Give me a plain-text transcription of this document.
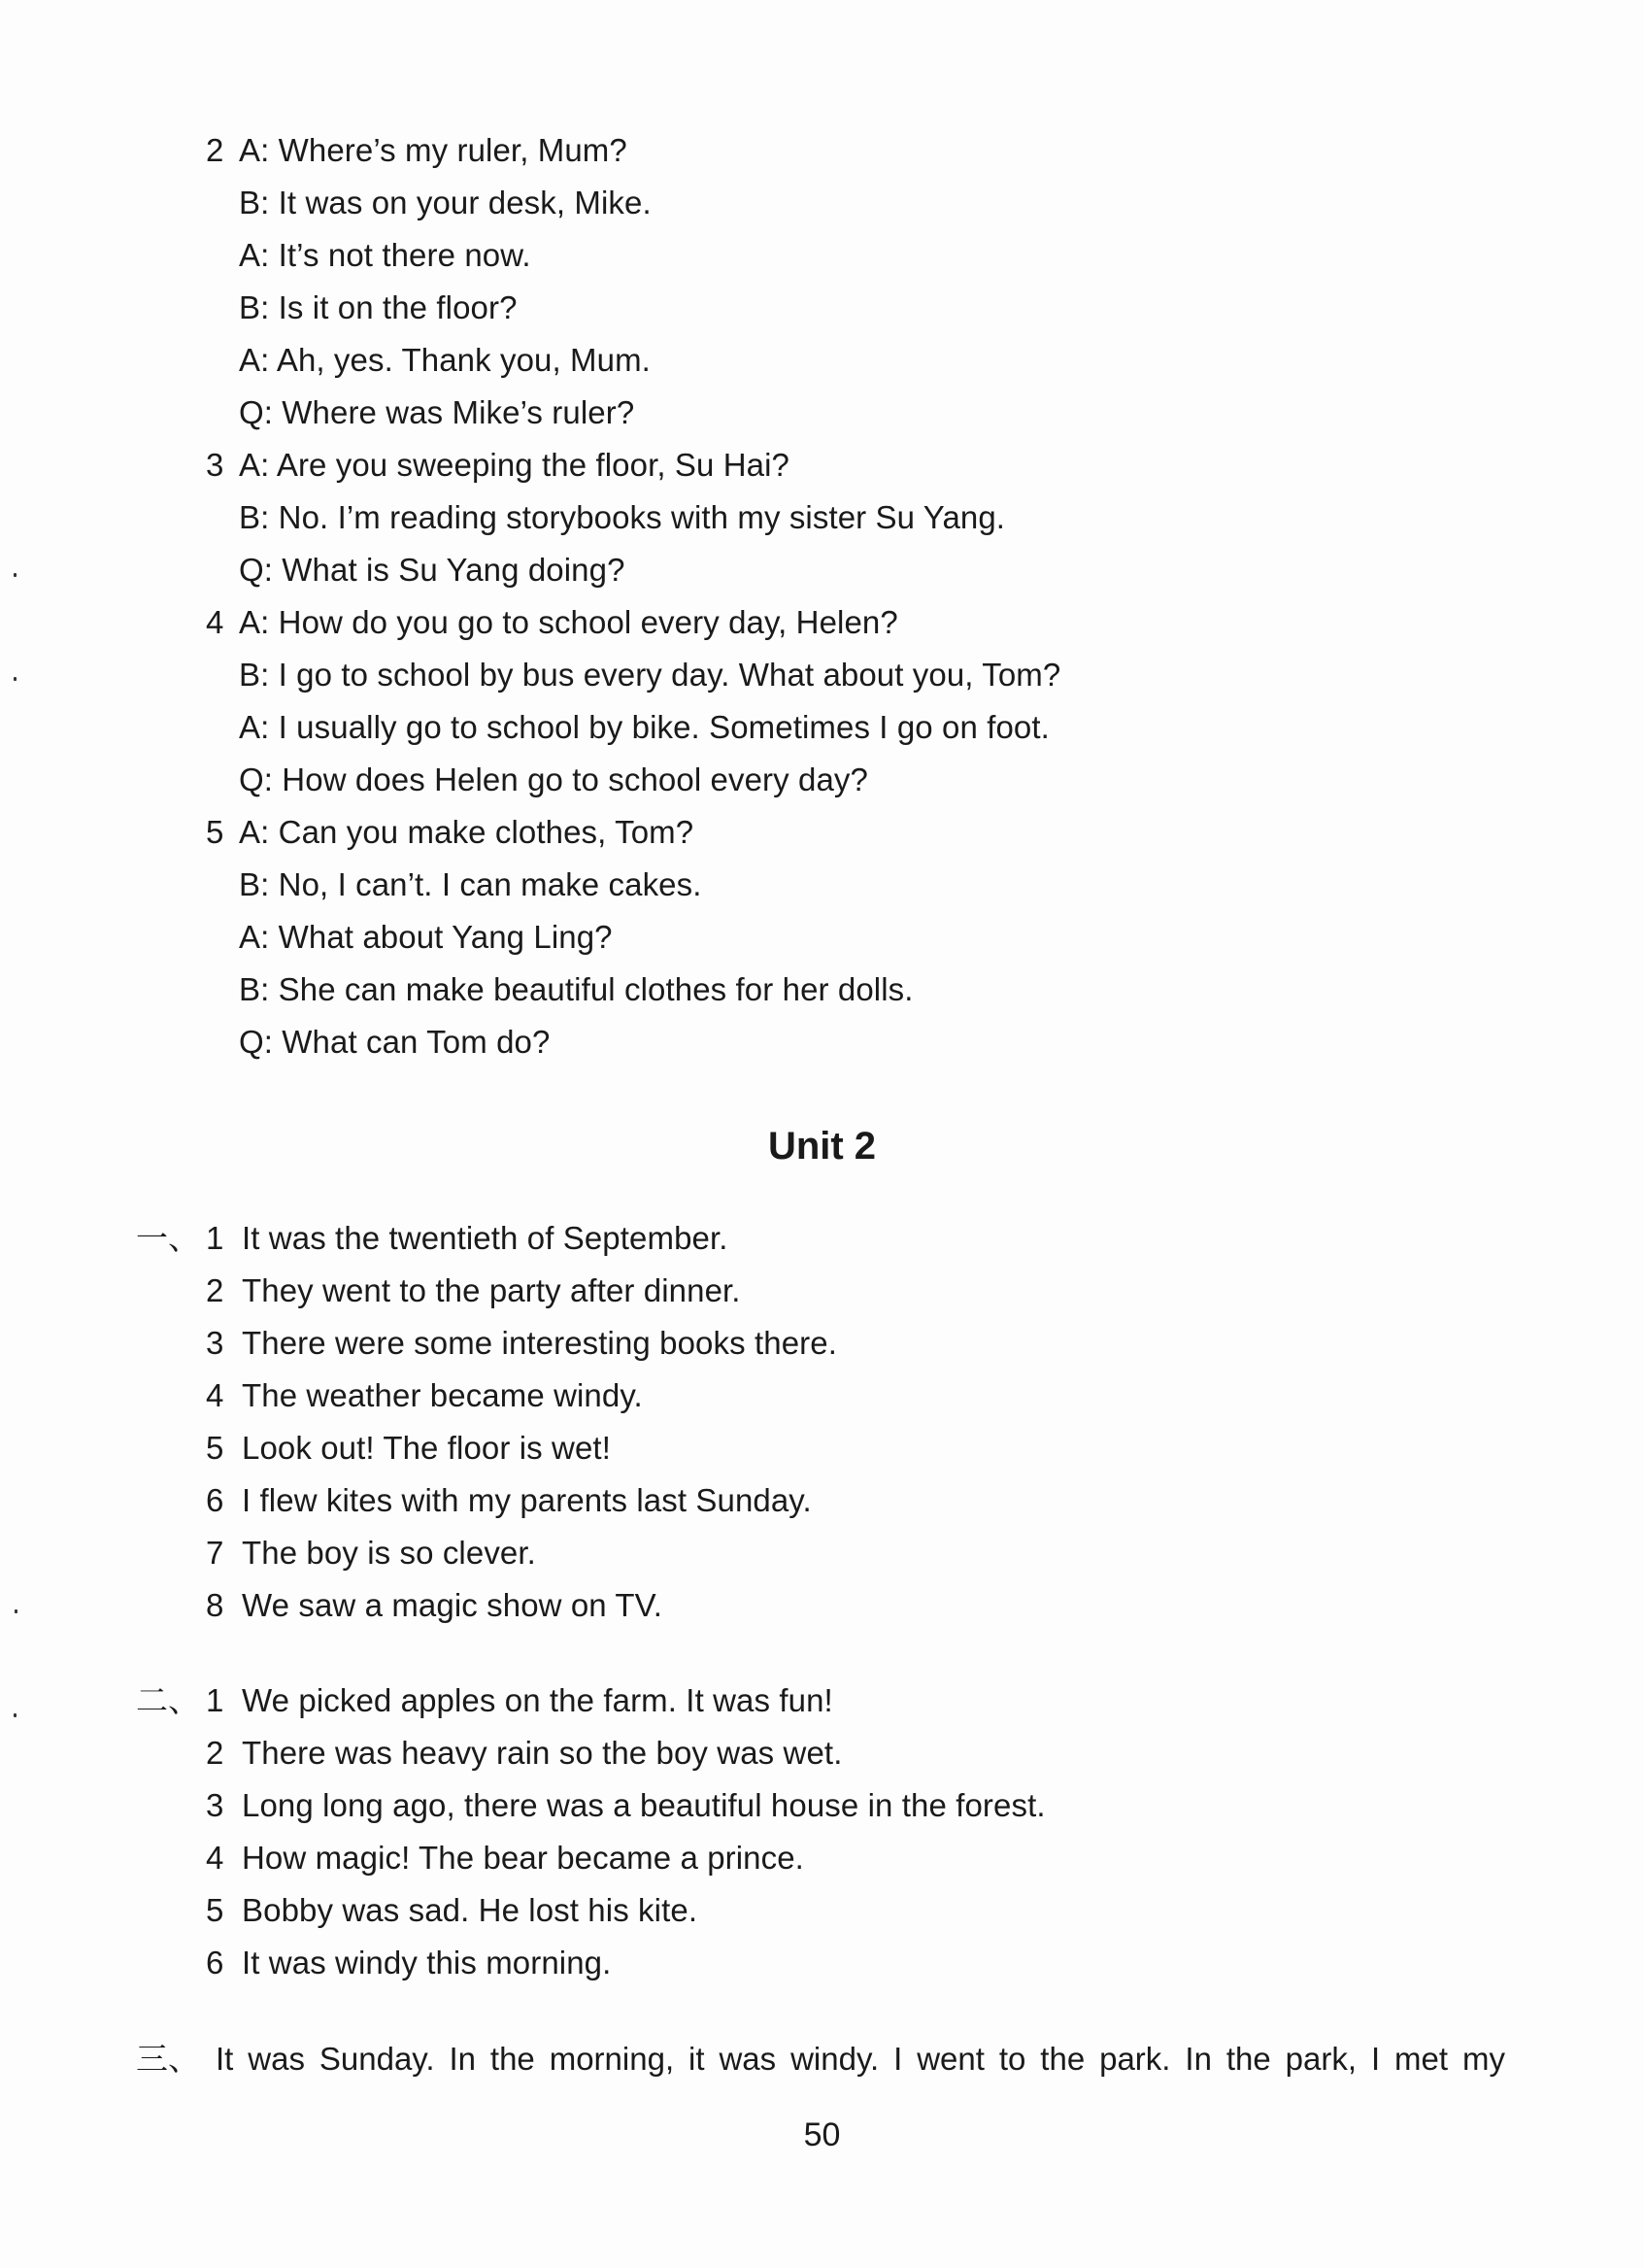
2 A: Where’s my ruler, Mum?
B: It was on your desk, Mike.
A: It’s not there now.
B: Is it on the floor?
A: Ah, yes. Thank you, Mum.
Q: Where was Mike’s ruler?
3 A: Are you sweeping the floor, Su Hai?
B: No. I’m reading storybooks with my sister Su Yang.
Q: What is Su Yang doing?
4 A: How do you go to school every day, Helen?
B: I go to school by bus every day. What about you, Tom?
A: I usually go to school by bike. Sometimes I go on foot.
Q: How does Helen go to school every day?
5 A: Can you make clothes, Tom?
B: No, I can’t. I can make cakes.
A: What about Yang Ling?
B: She can make beautiful clothes for her dolls.
Q: What can Tom do?
Unit 2
一、 1 It was the twentieth of September.
2 They went to the party after dinner.
3 There were some interesting books there.
4 The weather became windy.
5 Look out! The floor is wet!
6 I flew kites with my parents last Sunday.
7 The boy is so clever.
8 We saw a magic show on TV.
二、 1 We picked apples on the farm. It was fun!
2 There was heavy rain so the boy was wet.
3 Long long ago, there was a beautiful house in the forest.
4 How magic! The bear became a prince.
5 Bobby was sad. He lost his kite.
6 It was windy this morning.
三、 It was Sunday. In the morning, it was windy. I went to the park. In the park, I met my
50
